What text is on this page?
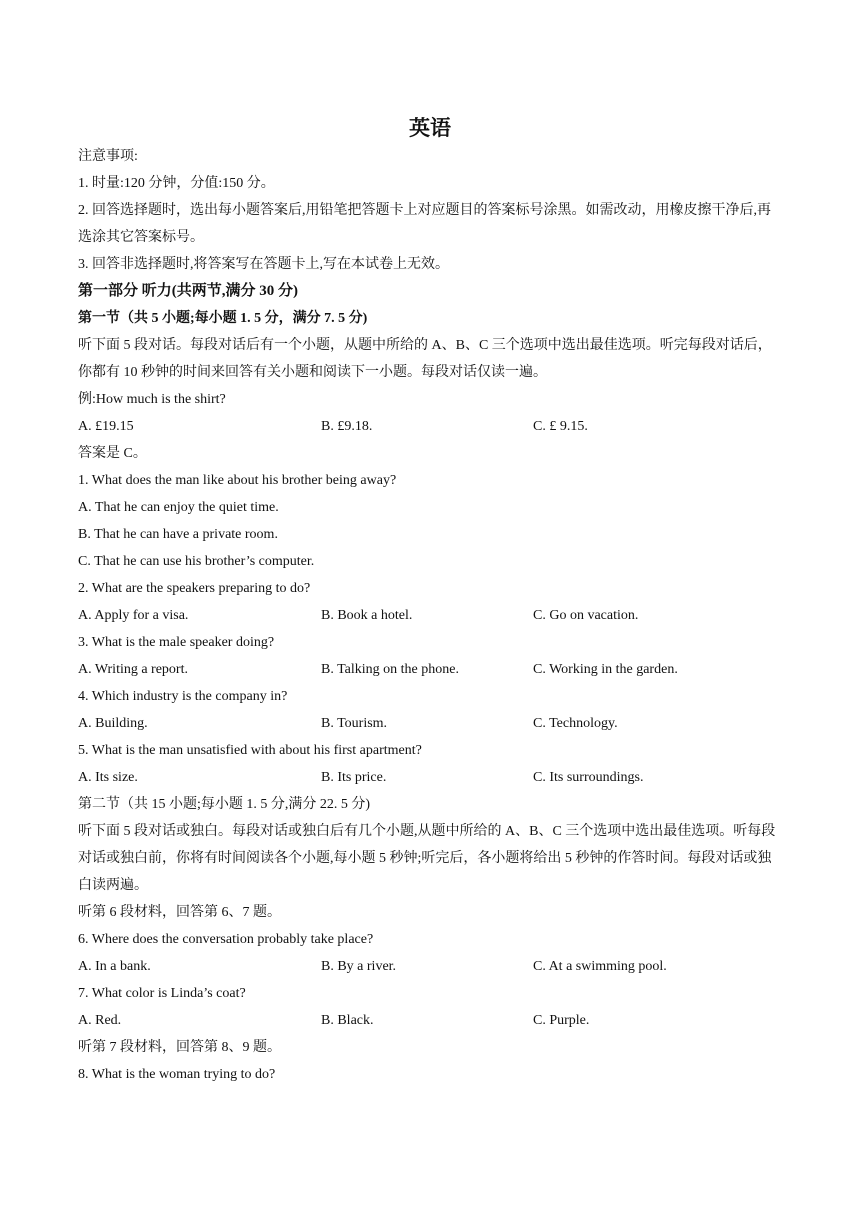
英语
注意事项:
1. 时量:120 分钟，分值:150 分。
2. 回答选择题时，选出每小题答案后,用铅笔把答题卡上对应题目的答案标号涂黑。如需改动，用橡皮擦干净后,再选涂其它答案标号。
3. 回答非选择题时,将答案写在答题卡上,写在本试卷上无效。
第一部分 听力(共两节,满分 30 分)
第一节（共 5 小题;每小题 1. 5 分，满分 7. 5 分)
听下面 5 段对话。每段对话后有一个小题，从题中所给的 A、B、C 三个选项中选出最佳选项。听完每段对话后，你都有 10 秒钟的时间来回答有关小题和阅读下一小题。每段对话仅读一遍。
例:How much is the shirt?
A. £19.15	B. £9.18.	C. £ 9.15.
答案是 C。
1. What does the man like about his brother being away?
A. That he can enjoy the quiet time.
B. That he can have a private room.
C. That he can use his brother’s computer.
2. What are the speakers preparing to do?
A. Apply for a visa.	B. Book a hotel.	C. Go on vacation.
3. What is the male speaker doing?
A. Writing a report.	B. Talking on the phone.	C. Working in the garden.
4. Which industry is the company in?
A. Building.	B. Tourism.	C. Technology.
5. What is the man unsatisfied with about his first apartment?
A. Its size.	B. Its price.	C. Its surroundings.
第二节（共 15 小题;每小题 1. 5 分,满分 22. 5 分)
听下面 5 段对话或独白。每段对话或独白后有几个小题,从题中所给的 A、B、C 三个选项中选出最佳选项。听每段对话或独白前，你将有时间阅读各个小题,每小题 5 秒钟;听完后，各小题将给出 5 秒钟的作答时间。每段对话或独白读两遍。
听第 6 段材料，回答第 6、7 题。
6. Where does the conversation probably take place?
A. In a bank.	B. By a river.	C. At a swimming pool.
7. What color is Linda’s coat?
A. Red.	B. Black.	C. Purple.
听第 7 段材料，回答第 8、9 题。
8. What is the woman trying to do?
